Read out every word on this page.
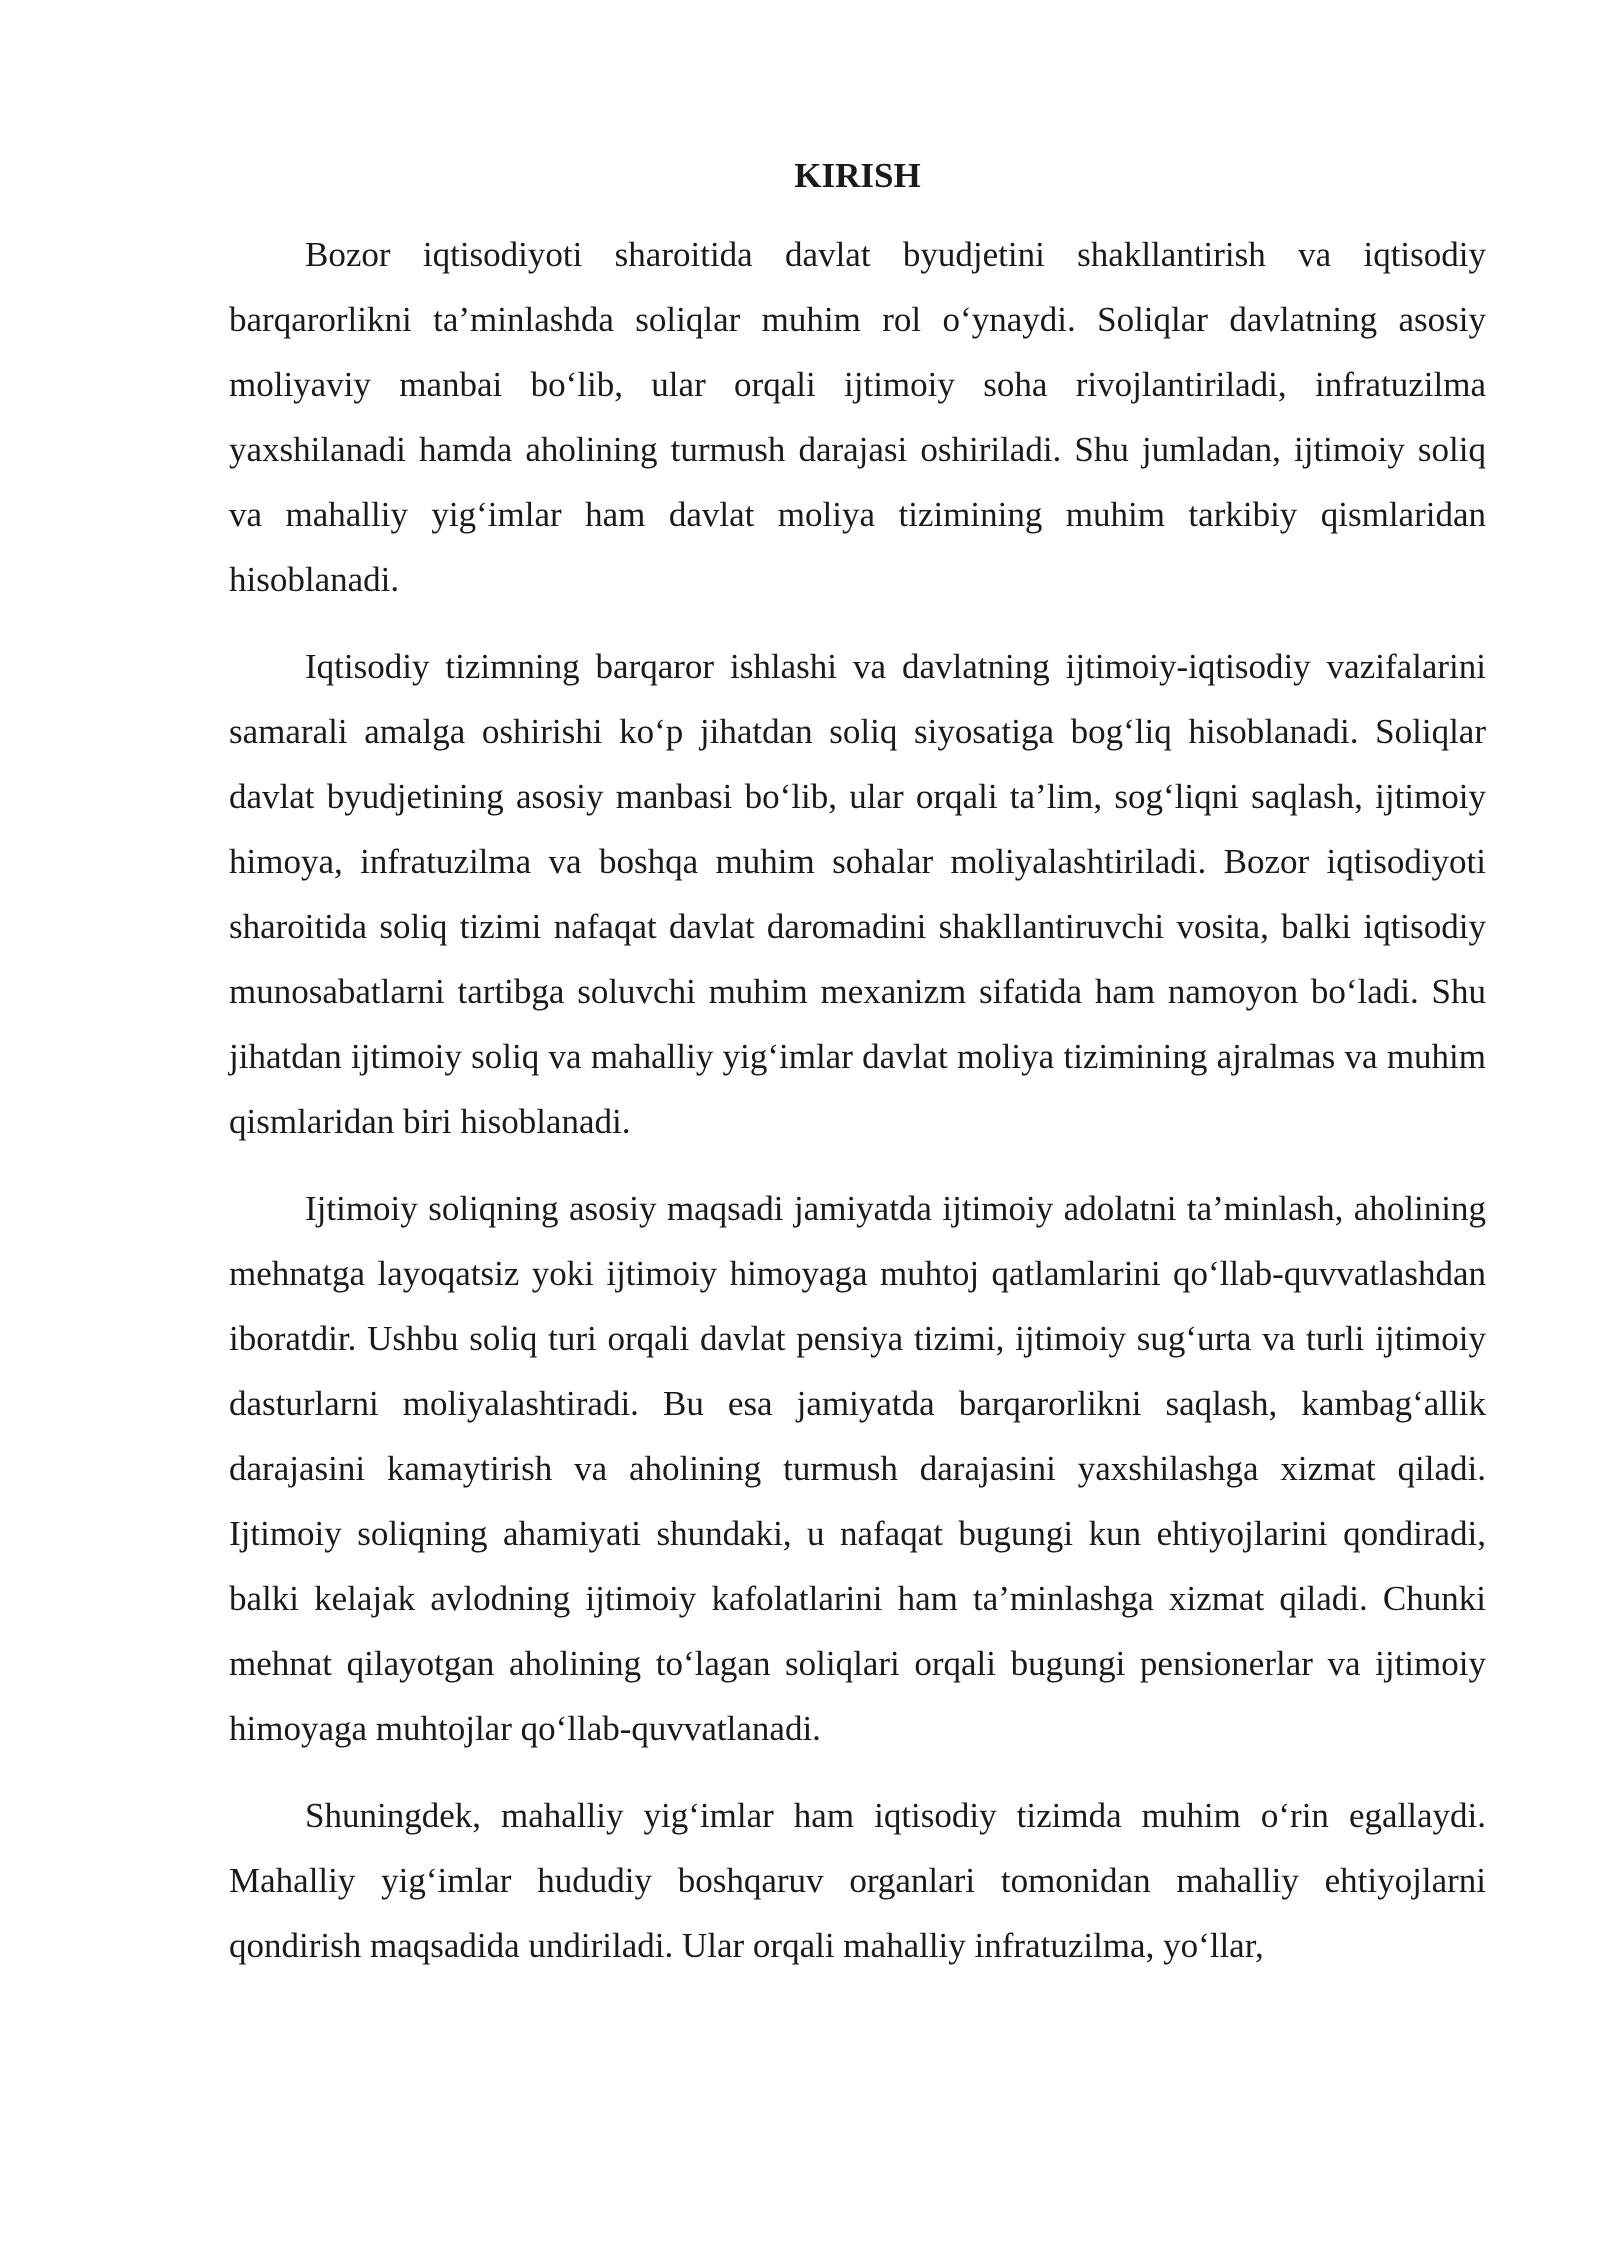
KIRISH

Bozor iqtisodiyoti sharoitida davlat byudjetini shakllantirish va iqtisodiy barqarorlikni ta’minlashda soliqlar muhim rol o‘ynaydi. Soliqlar davlatning asosiy moliyaviy manbai bo‘lib, ular orqali ijtimoiy soha rivojlantiriladi, infratuzilma yaxshilanadi hamda aholining turmush darajasi oshiriladi. Shu jumladan, ijtimoiy soliq va mahalliy yig‘imlar ham davlat moliya tizimining muhim tarkibiy qismlaridan hisoblanadi.

Iqtisodiy tizimning barqaror ishlashi va davlatning ijtimoiy-iqtisodiy vazifalarini samarali amalga oshirishi ko‘p jihatdan soliq siyosatiga bog‘liq hisoblanadi. Soliqlar davlat byudjetining asosiy manbasi bo‘lib, ular orqali ta’lim, sog‘liqni saqlash, ijtimoiy himoya, infratuzilma va boshqa muhim sohalar moliyalashtiriladi. Bozor iqtisodiyoti sharoitida soliq tizimi nafaqat davlat daromadini shakllantiruvchi vosita, balki iqtisodiy munosabatlarni tartibga soluvchi muhim mexanizm sifatida ham namoyon bo‘ladi. Shu jihatdan ijtimoiy soliq va mahalliy yig‘imlar davlat moliya tizimining ajralmas va muhim qismlaridan biri hisoblanadi.

Ijtimoiy soliqning asosiy maqsadi jamiyatda ijtimoiy adolatni ta’minlash, aholining mehnatga layoqatsiz yoki ijtimoiy himoyaga muhtoj qatlamlarini qo‘llab-quvvatlashdan iboratdir. Ushbu soliq turi orqali davlat pensiya tizimi, ijtimoiy sug‘urta va turli ijtimoiy dasturlarni moliyalashtiradi. Bu esa jamiyatda barqarorlikni saqlash, kambag‘allik darajasini kamaytirish va aholining turmush darajasini yaxshilashga xizmat qiladi. Ijtimoiy soliqning ahamiyati shundaki, u nafaqat bugungi kun ehtiyojlarini qondiradi, balki kelajak avlodning ijtimoiy kafolatlarini ham ta’minlashga xizmat qiladi. Chunki mehnat qilayotgan aholining to‘lagan soliqlari orqali bugungi pensionerlar va ijtimoiy himoyaga muhtojlar qo‘llab-quvvatlanadi.

Shuningdek, mahalliy yig‘imlar ham iqtisodiy tizimda muhim o‘rin egallaydi. Mahalliy yig‘imlar hududiy boshqaruv organlari tomonidan mahalliy ehtiyojlarni qondirish maqsadida undiriladi. Ular orqali mahalliy infratuzilma, yo‘llar,
